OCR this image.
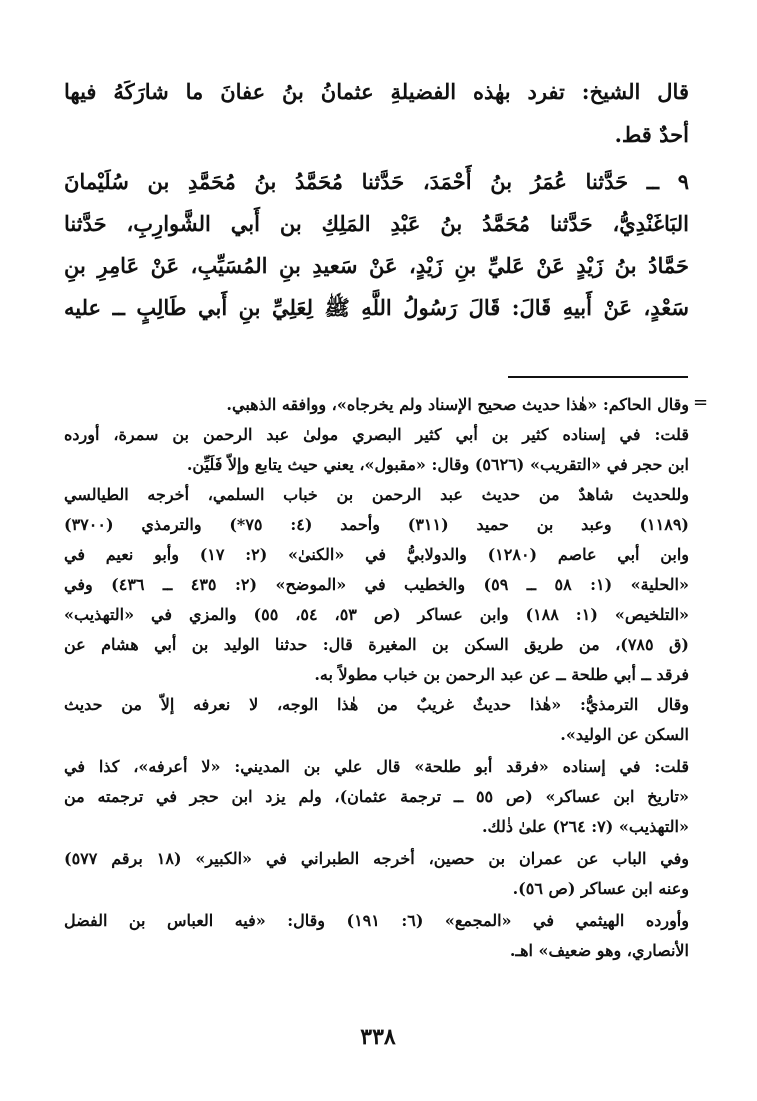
قال الشيخ: تفرد بهٰذه الفضيلةِ عثمانُ بنُ عفانَ ما شارَكَهُ فيها
أحدٌ قط.
٩ ــ حَدَّثنا عُمَرُ بنُ أَحْمَدَ، حَدَّثنا مُحَمَّدُ بنُ مُحَمَّدِ بن سُلَيْمانَ
البَاغَنْدِيُّ، حَدَّثنا مُحَمَّدُ بنُ عَبْدِ المَلِكِ بن أَبي الشَّوارِبِ، حَدَّثنا
حَمَّادُ بنُ زَيْدٍ عَنْ عَليِّ بنِ زَيْدٍ، عَنْ سَعيدِ بنِ المُسَيِّبِ، عَنْ عَامِرِ بنِ
سَعْدٍ، عَنْ أَبيهِ قَالَ: قَالَ رَسُولُ اللَّهِ ﷺ لِعَلِيِّ بنِ أَبي طَالِبٍ ــ عليه
=
وقال الحاكم: «هٰذا حديث صحيح الإسناد ولم يخرجاه»، ووافقه الذهبي.
قلت: في إسناده كثير بن أبي كثير البصري مولىٰ عبد الرحمن بن سمرة، أورده
ابن حجر في «التقريب» (٥٦٢٦) وقال: «مقبول»، يعني حيث يتابع وإلاّ فَلَيِّن.
وللحديث شاهدٌ من حديث عبد الرحمن بن خباب السلمي، أخرجه الطيالسي
(١١٨٩) وعبد بن حميد (٣١١) وأحمد (٤: ٧٥*) والترمذي (٣٧٠٠)
وابن أبي عاصم (١٢٨٠) والدولابيُّ في «الكنىٰ» (٢: ١٧) وأبو نعيم في
«الحلية» (١: ٥٨ ــ ٥٩) والخطيب في «الموضح» (٢: ٤٣٥ ــ ٤٣٦) وفي
«التلخيص» (١: ١٨٨) وابن عساكر (ص ٥٣، ٥٤، ٥٥) والمزي في «التهذيب»
(ق ٧٨٥)، من طريق السكن بن المغيرة قال: حدثنا الوليد بن أبي هشام عن
فرقد ــ أبي طلحة ــ عن عبد الرحمن بن خباب مطولاً به.
وقال الترمذيُّ: «هٰذا حديثٌ غريبٌ من هٰذا الوجه، لا نعرفه إلاّ من حديث
السكن عن الوليد».
قلت: في إسناده «فرقد أبو طلحة» قال علي بن المديني: «لا أعرفه»، كذا في
«تاريخ ابن عساكر» (ص ٥٥ ــ ترجمة عثمان)، ولم يزد ابن حجر في ترجمته من
«التهذيب» (٧: ٢٦٤) علىٰ ذٰلك.
وفي الباب عن عمران بن حصين، أخرجه الطبراني في «الكبير» (١٨ برقم ٥٧٧)
وعنه ابن عساكر (ص ٥٦).
وأورده الهيثمي في «المجمع» (٦: ١٩١) وقال: «فيه العباس بن الفضل
الأنصاري، وهو ضعيف» اهـ.
٣٣٨
